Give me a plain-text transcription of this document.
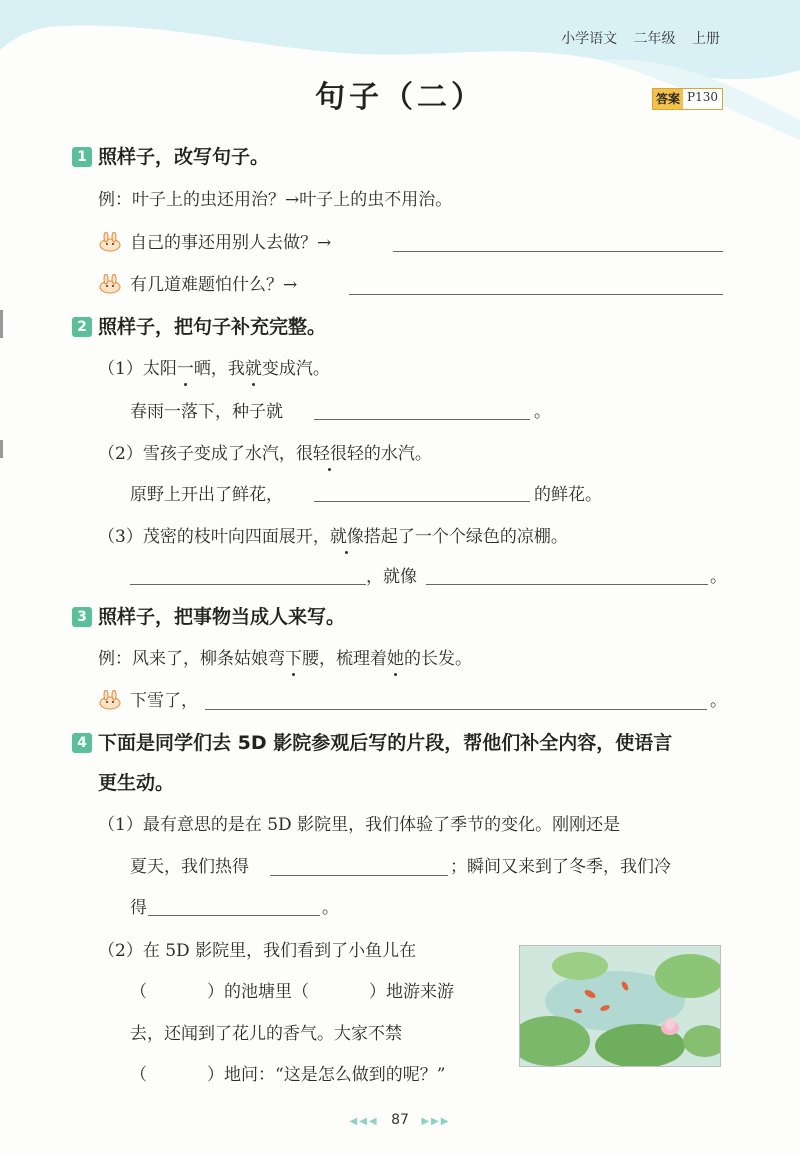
小学语文 二年级 上册
句子（二）	答案 P130
1 照样子，改写句子。
例：叶子上的虫还用治？→叶子上的虫不用治。
自己的事还用别人去做？→
有几道难题怕什么？→
2 照样子，把句子补充完整。
（1）太阳一晒，我就变成汽。
春雨一落下，种子就	。
（2）雪孩子变成了水汽，很轻很轻的水汽。
原野上开出了鲜花，	的鲜花。
（3）茂密的枝叶向四面展开，就像搭起了一个个绿色的凉棚。
，就像	。
3 照样子，把事物当成人来写。
例：风来了，柳条姑娘弯下腰，梳理着她的长发。
下雪了，	。
4 下面是同学们去 5D 影院参观后写的片段，帮他们补全内容，使语言
更生动。
（1）最有意思的是在 5D 影院里，我们体验了季节的变化。刚刚还是
夏天，我们热得	；瞬间又来到了冬季，我们冷
得	。
（2）在 5D 影院里，我们看到了小鱼儿在
（	）的池塘里（	）地游来游
去，还闻到了花儿的香气。大家不禁
（	）地问：“这是怎么做到的呢？”
◀◀◀ 87 ▶▶▶
